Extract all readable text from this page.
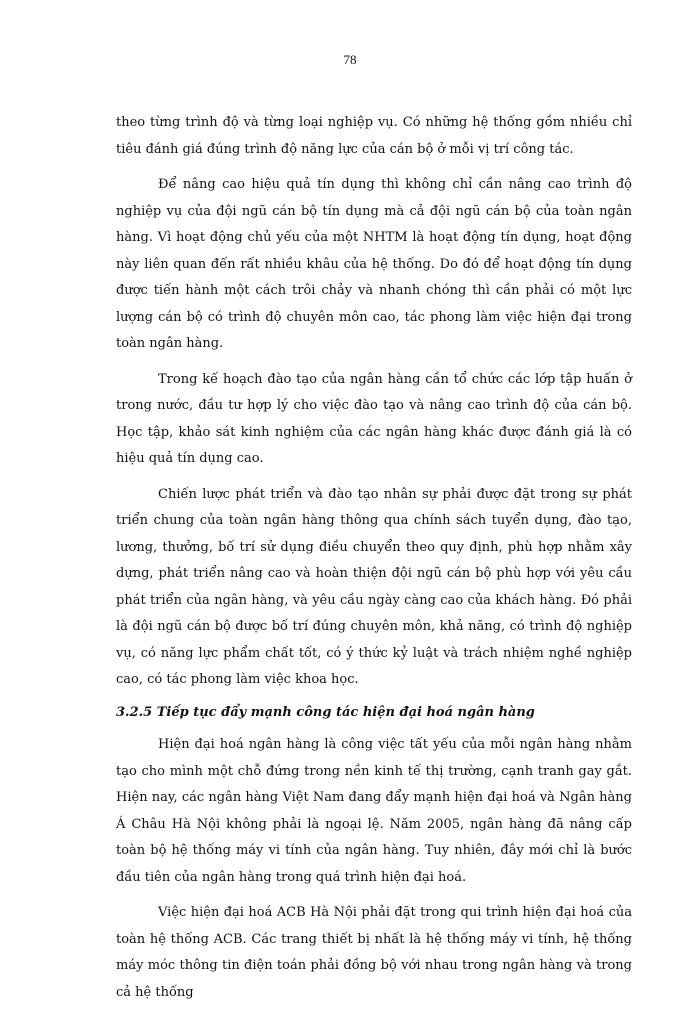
78

theo từng trình độ và từng loại nghiệp vụ. Có những hệ thống gồm nhiều chỉ tiêu đánh giá đúng trình độ năng lực của cán bộ ở mỗi vị trí công tác.

Để nâng cao hiệu quả tín dụng thì không chỉ cần nâng cao trình độ nghiệp vụ của đội ngũ cán bộ tín dụng mà cả đội ngũ cán bộ của toàn ngân hàng. Vì hoạt động chủ yếu của một NHTM là hoạt động tín dụng, hoạt động này liên quan đến rất nhiều khâu của hệ thống. Do đó để hoạt động tín dụng được tiến hành một cách trôi chảy và nhanh chóng thì cần phải có một lực lượng cán bộ có trình độ chuyên môn cao, tác phong làm việc hiện đại trong toàn ngân hàng.

Trong kế hoạch đào tạo của ngân hàng cần tổ chức các lớp tập huấn ở trong nước, đầu tư hợp lý cho việc đào tạo và nâng cao trình độ của cán bộ. Học tập, khảo sát kinh nghiệm của các ngân hàng khác được đánh giá là có hiệu quả tín dụng cao.

Chiến lược phát triển và đào tạo nhân sự phải được đặt trong sự phát triển chung của toàn ngân hàng thông qua chính sách tuyển dụng, đào tạo, lương, thưởng, bố trí sử dụng điều chuyển theo quy định, phù hợp nhằm xây dựng, phát triển nâng cao và hoàn thiện đội ngũ cán bộ phù hợp với yêu cầu phát triển của ngân hàng, và yêu cầu ngày càng cao của khách hàng. Đó phải là đội ngũ cán bộ được bố trí đúng chuyên môn, khả năng, có trình độ nghiệp vụ, có năng lực phẩm chất tốt, có ý thức kỷ luật và trách nhiệm nghề nghiệp cao, có tác phong làm việc khoa học.

3.2.5 Tiếp tục đẩy mạnh công tác hiện đại hoá ngân hàng

Hiện đại hoá ngân hàng là công việc tất yếu của mỗi ngân hàng nhằm tạo cho mình một chỗ đứng trong nền kinh tế thị trường, cạnh tranh gay gắt. Hiện nay, các ngân hàng Việt Nam đang đẩy mạnh hiện đại hoá và Ngân hàng Á Châu Hà Nội không phải là ngoại lệ. Năm 2005, ngân hàng đã nâng cấp toàn bộ hệ thống máy vi tính của ngân hàng. Tuy nhiên, đây mới chỉ là bước đầu tiên của ngân hàng trong quá trình hiện đại hoá.

Việc hiện đại hoá ACB Hà Nội phải đặt trong qui trình hiện đại hoá của toàn hệ thống ACB. Các trang thiết bị nhất là hệ thống máy vi tính, hệ thống máy móc thông tin điện toán phải đồng bộ với nhau trong ngân hàng và trong cả hệ thống
